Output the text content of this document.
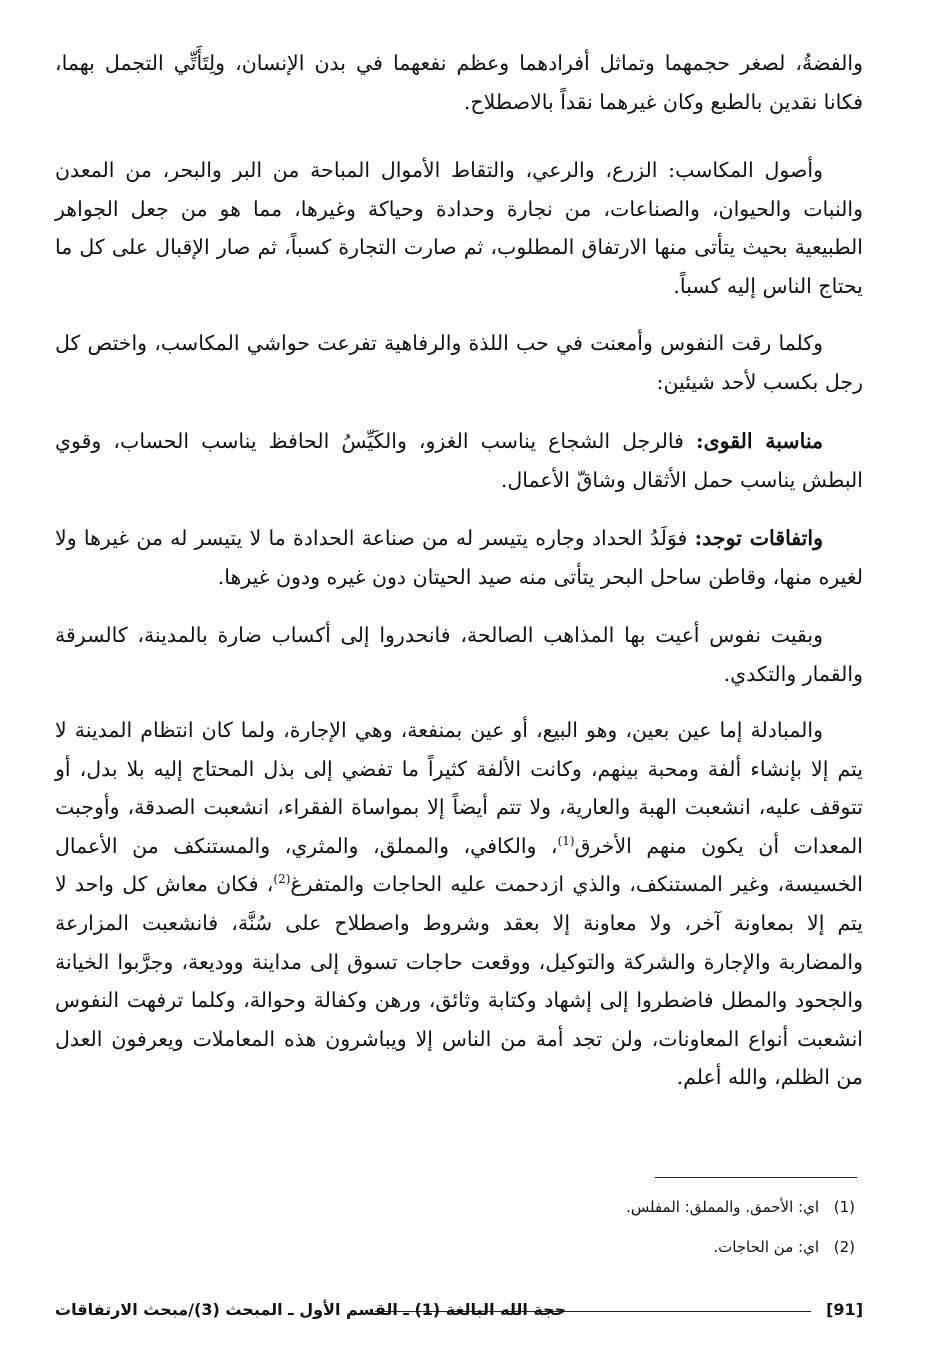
والفضةُ، لصغر حجمهما وتماثل أفرادهما وعظم نفعهما في بدن الإنسان، ولِتَأَتِّي التجمل بهما، فكانا نقدين بالطبع وكان غيرهما نقداً بالاصطلاح.

وأصول المكاسب: الزرع، والرعي، والتقاط الأموال المباحة من البر والبحر، من المعدن والنبات والحيوان، والصناعات، من نجارة وحدادة وحياكة وغيرها، مما هو من جعل الجواهر الطبيعية بحيث يتأتى منها الارتفاق المطلوب، ثم صارت التجارة كسباً، ثم صار الإقبال على كل ما يحتاج الناس إليه كسباً.

وكلما رقت النفوس وأمعنت في حب اللذة والرفاهية تفرعت حواشي المكاسب، واختص كل رجل بكسب لأحد شيئين:

مناسبة القوى: فالرجل الشجاع يناسب الغزو، والكَيِّسُ الحافظ يناسب الحساب، وقوي البطش يناسب حمل الأثقال وشاقّ الأعمال.

واتفاقات توجد: فوَلَدُ الحداد وجاره يتيسر له من صناعة الحدادة ما لا يتيسر له من غيرها ولا لغيره منها، وقاطن ساحل البحر يتأتى منه صيد الحيتان دون غيره ودون غيرها.

وبقيت نفوس أعيت بها المذاهب الصالحة، فانحدروا إلى أكساب ضارة بالمدينة، كالسرقة والقمار والتكدي.

والمبادلة إما عين بعين، وهو البيع، أو عين بمنفعة، وهي الإجارة، ولما كان انتظام المدينة لا يتم إلا بإنشاء ألفة ومحبة بينهم، وكانت الألفة كثيراً ما تفضي إلى بذل المحتاج إليه بلا بدل، أو تتوقف عليه، انشعبت الهبة والعارية، ولا تتم أيضاً إلا بمواساة الفقراء، انشعبت الصدقة، وأوجبت المعدات أن يكون منهم الأخرق$^{(1)}$، والكافي، والمملق، والمثري، والمستنكف من الأعمال الخسيسة، وغير المستنكف، والذي ازدحمت عليه الحاجات والمتفرغ$^{(2)}$، فكان معاش كل واحد لا يتم إلا بمعاونة آخر، ولا معاونة إلا بعقد وشروط واصطلاح على سُنَّة، فانشعبت المزارعة والمضاربة والإجارة والشركة والتوكيل، ووقعت حاجات تسوق إلى مداينة ووديعة، وجرَّبوا الخيانة والجحود والمطل فاضطروا إلى إشهاد وكتابة وثائق، ورهن وكفالة وحوالة، وكلما ترفهت النفوس انشعبت أنواع المعاونات، ولن تجد أمة من الناس إلا ويباشرون هذه المعاملات ويعرفون العدل من الظلم، والله أعلم.

(1)اي: الأحمق. والمملق: المفلس.
(2)اي: من الحاجات.
[91]
حجة الله البالغة (1) ـ القسم الأول ـ المبحث (3)/مبحث الارتفاقات
